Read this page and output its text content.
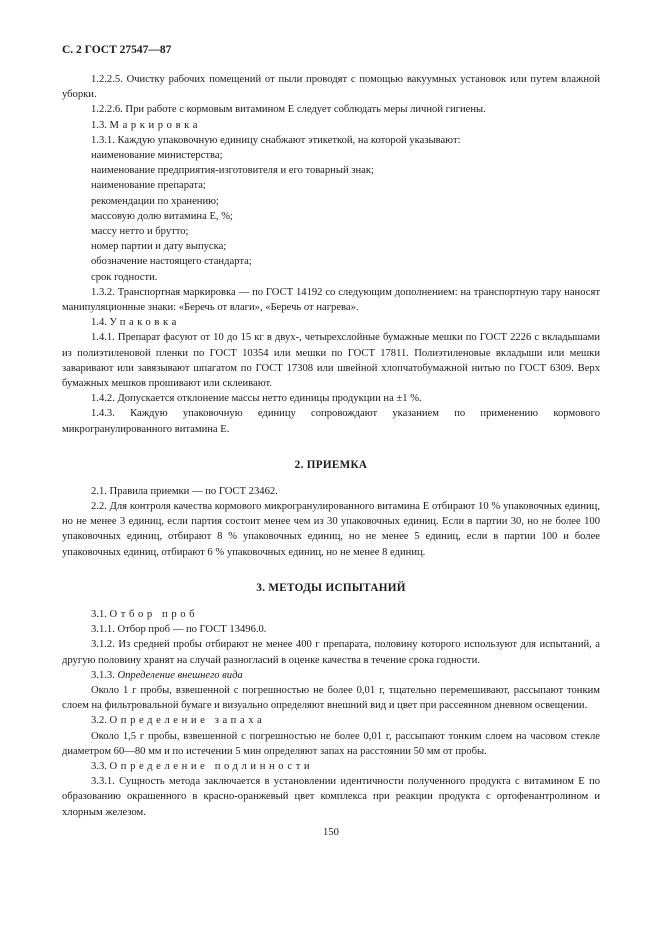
С. 2 ГОСТ 27547—87

1.2.2.5. Очистку рабочих помещений от пыли проводят с помощью вакуумных установок или путем влажной уборки.

1.2.2.6. При работе с кормовым витамином Е следует соблюдать меры личной гигиены.

1.3. Маркировка

1.3.1. Каждую упаковочную единицу снабжают этикеткой, на которой указывают:

наименование министерства;

наименование предприятия-изготовителя и его товарный знак;

наименование препарата;

рекомендации по хранению;

массовую долю витамина Е, %;

массу нетто и брутто;

номер партии и дату выпуска;

обозначение настоящего стандарта;

срок годности.

1.3.2. Транспортная маркировка — по ГОСТ 14192 со следующим дополнением: на транспортную тару наносят манипуляционные знаки: «Беречь от влаги», «Беречь от нагрева».

1.4. Упаковка

1.4.1. Препарат фасуют от 10 до 15 кг в двух-, четырехслойные бумажные мешки по ГОСТ 2226 с вкладышами из полиэтиленовой пленки по ГОСТ 10354 или мешки по ГОСТ 17811. Полиэтиленовые вкладыши или мешки заваривают или завязывают шпагатом по ГОСТ 17308 или швейной хлопчатобумажной нитью по ГОСТ 6309. Верх бумажных мешков прошивают или склеивают.

1.4.2. Допускается отклонение массы нетто единицы продукции на ±1 %.

1.4.3. Каждую упаковочную единицу сопровождают указанием по применению кормового микрогранулированного витамина Е.

2. ПРИЕМКА

2.1. Правила приемки — по ГОСТ 23462.

2.2. Для контроля качества кормового микрогранулированного витамина Е отбирают 10 % упаковочных единиц, но не менее 3 единиц, если партия состоит менее чем из 30 упаковочных единиц. Если в партии 30, но не более 100 упаковочных единиц, отбирают 8 % упаковочных единиц, но не менее 5 единиц, если в партии 100 и более упаковочных единиц, отбирают 6 % упаковочных единиц, но не менее 8 единиц.

3. МЕТОДЫ ИСПЫТАНИЙ

3.1. Отбор проб

3.1.1. Отбор проб — по ГОСТ 13496.0.

3.1.2. Из средней пробы отбирают не менее 400 г препарата, половину которого используют для испытаний, а другую половину хранят на случай разногласий в оценке качества в течение срока годности.

3.1.3. Определение внешнего вида

Около 1 г пробы, взвешенной с погрешностью не более 0,01 г, тщательно перемешивают, рассыпают тонким слоем на фильтровальной бумаге и визуально определяют внешний вид и цвет при рассеянном дневном освещении.

3.2. Определение запаха

Около 1,5 г пробы, взвешенной с погрешностью не более 0,01 г, рассыпают тонким слоем на часовом стекле диаметром 60—80 мм и по истечении 5 мин определяют запах на расстоянии 50 мм от пробы.

3.3. Определение подлинности

3.3.1. Сущность метода заключается в установлении идентичности полученного продукта с витамином Е по образованию окрашенного в красно-оранжевый цвет комплекса при реакции продукта с ортофенантролином и хлорным железом.

150
